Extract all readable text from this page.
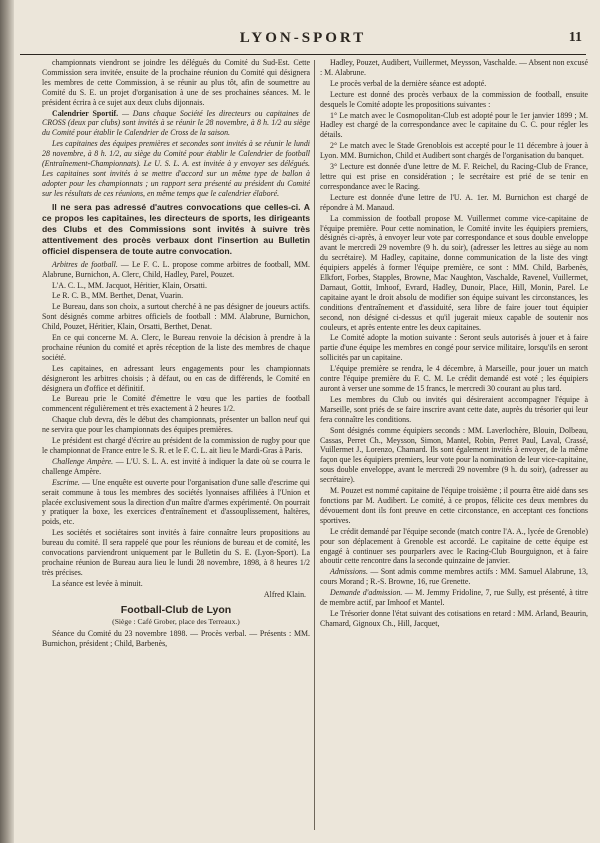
LYON-SPORT	11

championnats viendront se joindre les délégués du Comité du Sud-Est. Cette Commission sera invitée, ensuite de la prochaine réunion du Comité qui désignera les membres de cette Commission, à se réunir au plus tôt, afin de soumettre au Comité du S. E. un projet d'organisation à une de ses prochaines séances. M. le président écrira à ce sujet aux deux clubs dijonnais.

Calendrier Sportif. — Dans chaque Société les directeurs ou capitaines de CROSS (deux par clubs) sont invités à se réunir le 28 novembre, à 8 h. 1/2 au siège du Comité pour établir le Calendrier de Cross de la saison.

Les capitaines des équipes premières et secondes sont invités à se réunir le lundi 28 novembre, à 8 h. 1/2, au siège du Comité pour établir le Calendrier de football (Entraînement-Championnats). Le U. S. L. A. est invitée à y envoyer ses délégués. Les capitaines sont invités à se mettre d'accord sur un même type de ballon à adopter pour les championnats ; un rapport sera présenté au président du Comité sur les résultats de ces réunions, en même temps que le calendrier élaboré.

Il ne sera pas adressé d'autres convocations que celles-ci. A ce propos les capitaines, les directeurs de sports, les dirigeants des Clubs et des Commissions sont invités à suivre très attentivement des procès verbaux dont l'insertion au Bulletin officiel dispensera de toute autre convocation.

Arbitres de football. — Le F. C. L. propose comme arbitres de football, MM. Alabrune, Burnichon, A. Clerc, Child, Hadley, Parel, Pouzet.

L'A. C. L., MM. Jacquot, Héritier, Klain, Orsatti.

Le R. C. B., MM. Berthet, Denat, Vuarin.

Le Bureau, dans son choix, a surtout cherché à ne pas désigner de joueurs actifs. Sont désignés comme arbitres officiels de football : MM. Alabrune, Burnichon, Child, Pouzet, Héritier, Klain, Orsatti, Berthet, Denat.

En ce qui concerne M. A. Clerc, le Bureau renvoie la décision à prendre à la prochaine réunion du comité et après réception de la liste des membres de chaque société.

Les capitaines, en adressant leurs engagements pour les championnats désigneront les arbitres choisis ; à défaut, ou en cas de différends, le Comité en désignera un d'office et définitif.

Le Bureau prie le Comité d'émettre le vœu que les parties de football commencent régulièrement et très exactement à 2 heures 1/2.

Chaque club devra, dès le début des championnats, présenter un ballon neuf qui ne servira que pour les championnats des équipes premières.

Le président est chargé d'écrire au président de la commission de rugby pour que le championnat de France entre le S. R. et le F. C. L. ait lieu le Mardi-Gras à Paris.

Challenge Ampère. — L'U. S. L. A. est invité à indiquer la date où se courra le challenge Ampère.

Escrime. — Une enquête est ouverte pour l'organisation d'une salle d'escrime qui serait commune à tous les membres des sociétés lyonnaises affiliées à l'Union et placée exclusivement sous la direction d'un maître d'armes expérimenté. On pourrait y pratiquer la boxe, les exercices d'entraînement et d'assouplissement, haltères, poids, etc.

Les sociétés et sociétaires sont invités à faire connaître leurs propositions au bureau du comité. Il sera rappelé que pour les réunions de bureau et de comité, les convocations parviendront uniquement par le Bulletin du S. E. (Lyon-Sport). La prochaine réunion de Bureau aura lieu le lundi 28 novembre, 1898, à 8 heures 1/2 très précises.

La séance est levée à minuit.

Alfred Klain.
Football-Club de Lyon
(Siège : Café Grober, place des Terreaux.)

Séance du Comité du 23 novembre 1898. — Procès verbal. — Présents : MM. Burnichon, président ; Child, Barbenès,

Hadley, Pouzet, Audibert, Vuillermet, Meysson, Vaschalde. — Absent non excusé : M. Alabrune.

Le procès verbal de la dernière séance est adopté.

Lecture est donné des procès verbaux de la commission de football, ensuite desquels le Comité adopte les propositions suivantes :

1° Le match avec le Cosmopolitan-Club est adopté pour le 1er janvier 1899 ; M. Hadley est chargé de la correspondance avec le capitaine du C. C. pour régler les détails.

2° Le match avec le Stade Grenoblois est accepté pour le 11 décembre à jouer à Lyon. MM. Burnichon, Child et Audibert sont chargés de l'organisation du banquet.

3° Lecture est donnée d'une lettre de M. F. Reichel, du Racing-Club de France, lettre qui est prise en considération ; le secrétaire est prié de se tenir en correspondance avec le Racing.

Lecture est donnée d'une lettre de l'U. A. 1er. M. Burnichon est chargé de répondre à M. Manaud.

La commission de football propose M. Vuillermet comme vice-capitaine de l'équipe première. Pour cette nomination, le Comité invite les équipiers premiers, désignés ci-après, à envoyer leur vote par correspondance et sous double enveloppe avant le mercredi 29 novembre (9 h. du soir), (adresser les lettres au siège au nom du secrétaire). M Hadley, capitaine, donne communication de la liste des vingt équipiers appelés à former l'équipe première, ce sont : MM. Child, Barbenès, Elkfort, Forbes, Stapples, Browne, Mac Naughton, Vaschalde, Ravenel, Vuillermet, Darnaut, Gottit, Imhoof, Evrard, Hadley, Dunoir, Place, Hill, Monin, Parel. Le capitaine ayant le droit absolu de modifier son équipe suivant les circonstances, les conditions d'entraînement et d'assiduité, sera libre de faire jouer tout équipier second, non désigné ci-dessus et qu'il jugerait mieux capable de soutenir nos couleurs, et après entente entre les deux capitaines.

Le Comité adopte la motion suivante : Seront seuls autorisés à jouer et à faire partie d'une équipe les membres en congé pour service militaire, lorsqu'ils en seront sollicités par un capitaine.

L'équipe première se rendra, le 4 décembre, à Marseille, pour jouer un match contre l'équipe première du F. C. M. Le crédit demandé est voté ; les équipiers auront à verser une somme de 15 francs, le mercredi 30 courant au plus tard.

Les membres du Club ou invités qui désireraient accompagner l'équipe à Marseille, sont priés de se faire inscrire avant cette date, auprès du trésorier qui leur fera connaître les conditions.

Sont désignés comme équipiers seconds : MM. Laverlochère, Blouin, Dolbeau, Cassas, Perret Ch., Meysson, Simon, Mantel, Robin, Perret Paul, Laval, Crassé, Vuillermet J., Lorenzo, Chamard. Ils sont également invités à envoyer, de la même façon que les équipiers premiers, leur vote pour la nomination de leur vice-capitaine, sous double enveloppe, avant le mercredi 29 novembre (9 h. du soir), (adresser au secrétaire).

M. Pouzet est nommé capitaine de l'équipe troisième ; il pourra être aidé dans ses fonctions par M. Audibert. Le comité, à ce propos, félicite ces deux membres du dévouement dont ils font preuve en cette circonstance, en acceptant ces fonctions sportives.

Le crédit demandé par l'équipe seconde (match contre l'A. A., lycée de Grenoble) pour son déplacement à Grenoble est accordé. Le capitaine de cette équipe est engagé à continuer ses pourparlers avec le Racing-Club Bourguignon, et à faire aboutir cette rencontre dans la seconde quinzaine de janvier.

Admissions. — Sont admis comme membres actifs : MM. Samuel Alabrune, 13, cours Morand ; R.-S. Browne, 16, rue Grenette.

Demande d'admission. — M. Jemmy Fridoline, 7, rue Sully, est présenté, à titre de membre actif, par Imhoof et Mantel.

Le Trésorier donne l'état suivant des cotisations en retard : MM. Arland, Beaurin, Chamard, Gignoux Ch., Hill, Jacquet,
